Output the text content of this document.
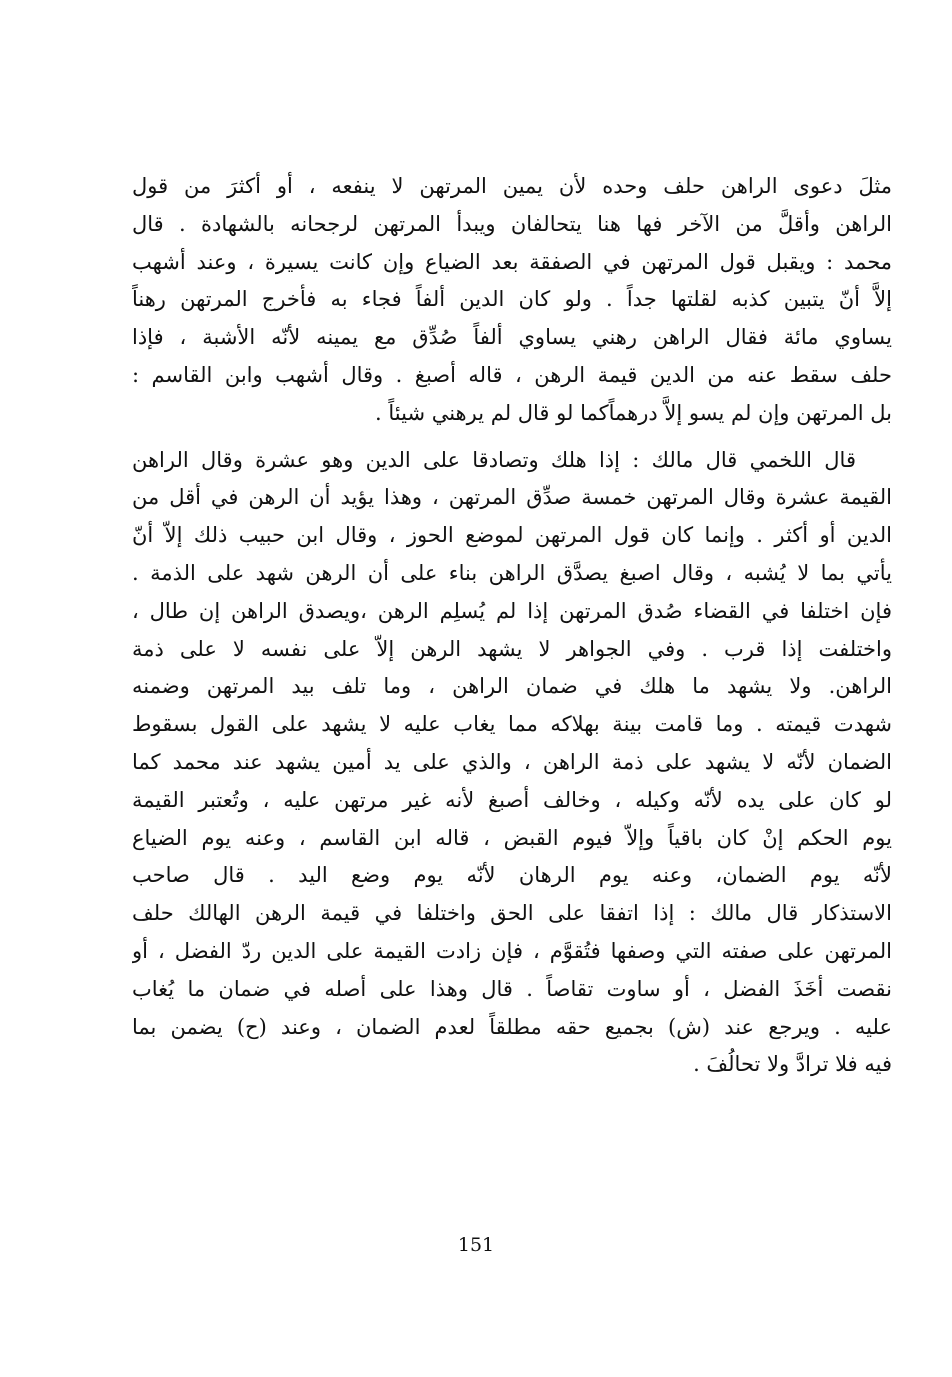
مثلَ دعوى الراهن حلف وحده لأن يمين المرتهن لا ينفعه ، أو أكثرَ من قول
الراهن وأقلَّ من الآخر فها هنا يتحالفان ويبدأ المرتهن لرجحانه بالشهادة . قال
محمد : ويقبل قول المرتهن في الصفقة بعد الضياع وإن كانت يسيرة ، وعند أشهب
إلاَّ أنّ يتبين كذبه لقلتها جداً . ولو كان الدين ألفاً فجاء به فأخرج المرتهن رهناً
يساوي مائة فقال الراهن رهني يساوي ألفاً صُدِّق مع يمينه لأنّه الأشبة ، فإذا
حلف سقط عنه من الدين قيمة الرهن ، قاله أصبغ . وقال أشهب وابن القاسم :
بل المرتهن وإن لم يسو إلاَّ درهماًكما لو قال لم يرهني شيئاً .
قال اللخمي قال مالك : إذا هلك وتصادقا على الدين وهو عشرة وقال الراهن
القيمة عشرة وقال المرتهن خمسة صدِّق المرتهن ، وهذا يؤيد أن الرهن في أقل من
الدين أو أكثر . وإنما كان قول المرتهن لموضع الحوز ، وقال ابن حبيب ذلك إلاّ أنّ
يأتي بما لا يُشبه ، وقال اصبغ يصدَّق الراهن بناء على أن الرهن شهد على الذمة .
فإن اختلفا في القضاء صُدق المرتهن إذا لم يُسلِم الرهن ،ويصدق الراهن إن طال ،
واختلفت إذا قرب . وفي الجواهر لا يشهد الرهن إلاّ على نفسه لا على ذمة
الراهن. ولا يشهد ما هلك في ضمان الراهن ، وما تلف بيد المرتهن وضمنه
شهدت قيمته . وما قامت بينة بهلاكه مما يغاب عليه لا يشهد على القول بسقوط
الضمان لأنّه لا يشهد على ذمة الراهن ، والذي على يد أمين يشهد عند محمد كما
لو كان على يده لأنّه وكيله ، وخالف أصبغ لأنه غير مرتهن عليه ، وتُعتبر القيمة
يوم الحكم إنْ كان باقياً وإلاّ فيوم القبض ، قاله ابن القاسم ، وعنه يوم الضياع
لأنّه يوم الضمان، وعنه يوم الرهان لأنّه يوم وضع اليد . قال صاحب
الاستذكار قال مالك : إذا اتفقا على الحق واختلفا في قيمة الرهن الهالك حلف
المرتهن على صفته التي وصفها فتُقوَّم ، فإن زادت القيمة على الدين ردّ الفضل ، أو
نقصت أخَذَ الفضل ، أو ساوت تقاصاً . قال وهذا على أصله في ضمان ما يُغاب
عليه . ويرجع عند (ش) بجميع حقه مطلقاً لعدم الضمان ، وعند (ح) يضمن بما
فيه فلا ترادَّ ولا تحالُفَ .
151
